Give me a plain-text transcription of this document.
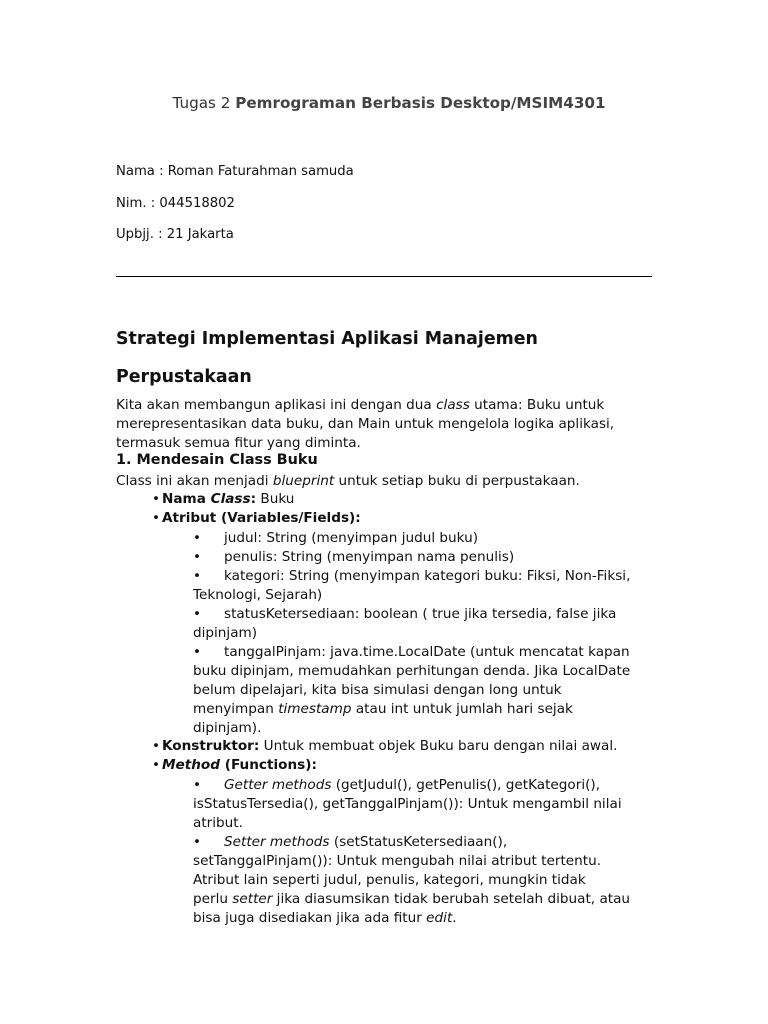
Tugas 2 Pemrograman Berbasis Desktop/MSIM4301
Nama : Roman Faturahman samuda
Nim. : 044518802
Upbjj. : 21 Jakarta
Strategi Implementasi Aplikasi Manajemen
Perpustakaan
Kita akan membangun aplikasi ini dengan dua class utama: Buku untuk
merepresentasikan data buku, dan Main untuk mengelola logika aplikasi,
termasuk semua fitur yang diminta.
1. Mendesain Class Buku
Class ini akan menjadi blueprint untuk setiap buku di perpustakaan.
• Nama Class: Buku
• Atribut (Variables/Fields):
• judul: String (menyimpan judul buku)
• penulis: String (menyimpan nama penulis)
• kategori: String (menyimpan kategori buku: Fiksi, Non-Fiksi,
Teknologi, Sejarah)
• statusKetersediaan: boolean ( true jika tersedia, false jika
dipinjam)
• tanggalPinjam: java.time.LocalDate (untuk mencatat kapan
buku dipinjam, memudahkan perhitungan denda. Jika LocalDate
belum dipelajari, kita bisa simulasi dengan long untuk
menyimpan timestamp atau int untuk jumlah hari sejak
dipinjam).
• Konstruktor: Untuk membuat objek Buku baru dengan nilai awal.
• Method (Functions):
• Getter methods (getJudul(), getPenulis(), getKategori(),
isStatusTersedia(), getTanggalPinjam()): Untuk mengambil nilai
atribut.
• Setter methods (setStatusKetersediaan(),
setTanggalPinjam()): Untuk mengubah nilai atribut tertentu.
Atribut lain seperti judul, penulis, kategori, mungkin tidak
perlu setter jika diasumsikan tidak berubah setelah dibuat, atau
bisa juga disediakan jika ada fitur edit.
